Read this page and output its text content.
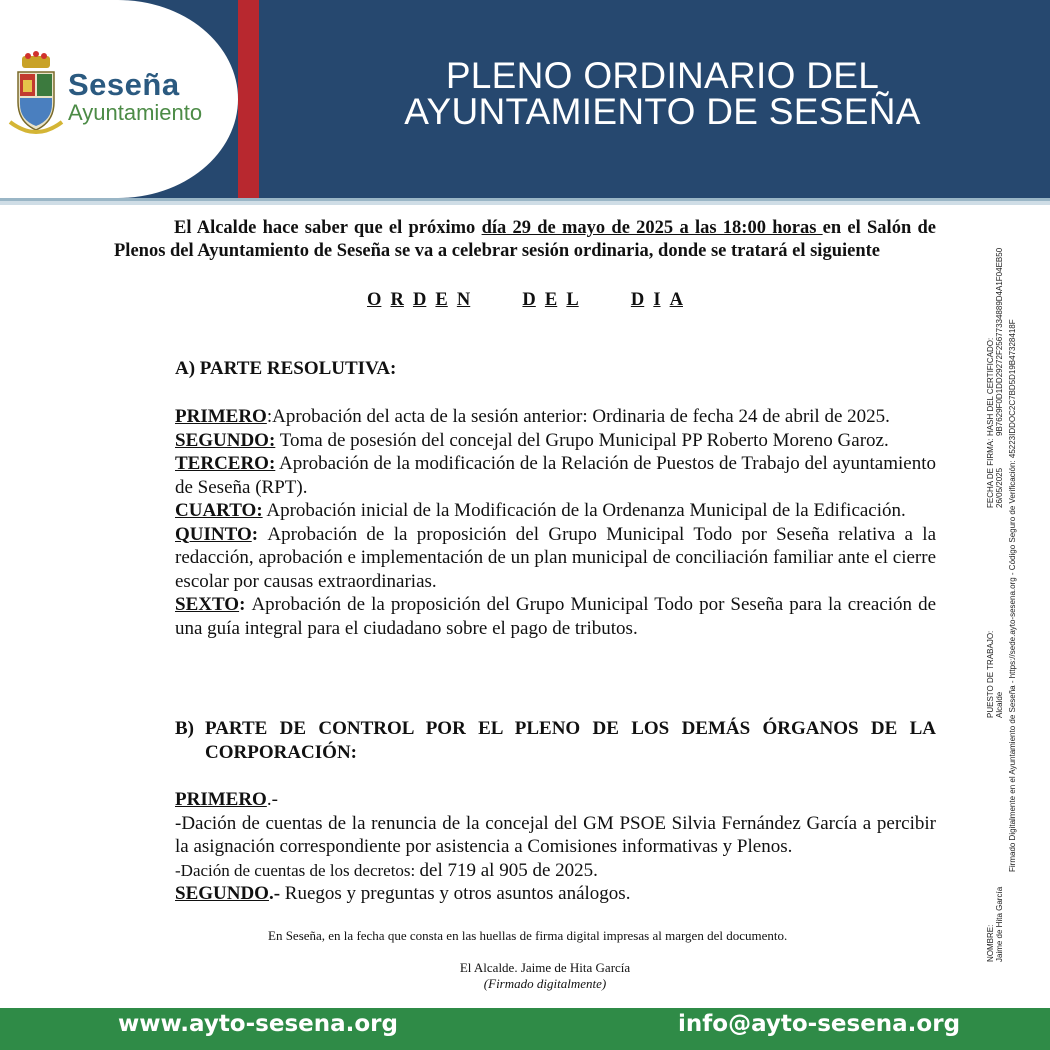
Seseña
Ayuntamiento
PLENO ORDINARIO DEL
AYUNTAMIENTO DE SESEÑA
El Alcalde hace saber que el próximo día 29 de mayo de 2025 a las 18:00 horas en el Salón de Plenos del Ayuntamiento de Seseña se va a celebrar sesión ordinaria, donde se tratará el siguiente
O R D E N	D E L	D I A
A) PARTE RESOLUTIVA:

PRIMERO:Aprobación del acta de la sesión anterior: Ordinaria de fecha 24 de abril de 2025.

SEGUNDO: Toma de posesión del concejal del Grupo Municipal PP Roberto Moreno Garoz.

TERCERO: Aprobación de la modificación de la Relación de Puestos de Trabajo del ayuntamiento de Seseña (RPT).

CUARTO: Aprobación inicial de la Modificación de la Ordenanza Municipal de la Edificación.

QUINTO: Aprobación de la proposición del Grupo Municipal Todo por Seseña relativa a la redacción, aprobación e implementación de un plan municipal de conciliación familiar ante el cierre escolar por causas extraordinarias.

SEXTO: Aprobación de la proposición del Grupo Municipal Todo por Seseña para la creación de una guía integral para el ciudadano sobre el pago de tributos.

B) PARTE DE CONTROL POR EL PLENO DE LOS DEMÁS ÓRGANOS DE LA CORPORACIÓN:

PRIMERO.-

-Dación de cuentas de la renuncia de la concejal del GM PSOE Silvia Fernández García a percibir la asignación correspondiente por asistencia a Comisiones informativas y Plenos.

-Dación de cuentas de los decretos: del 719 al 905 de 2025.

SEGUNDO.- Ruegos y preguntas y otros asuntos análogos.

En Seseña, en la fecha que consta en las huellas de firma digital impresas al margen del documento.
El Alcalde. Jaime de Hita García
(Firmado digitalmente)
NOMBRE: Jaime de Hita García
PUESTO DE TRABAJO: Alcalde
FECHA DE FIRMA: 26/05/2025
HASH DEL CERTIFICADO: 9B7629F0D1DD29272F25677334889D4A1F04EB50 Firmado Digitalmente en el Ayuntamiento de Seseña - https://sede.ayto-sesena.org - Código Seguro de Verificación: 45223IDDOC2C7BD5D19B47328418F
www.ayto-sesena.org	info@ayto-sesena.org
